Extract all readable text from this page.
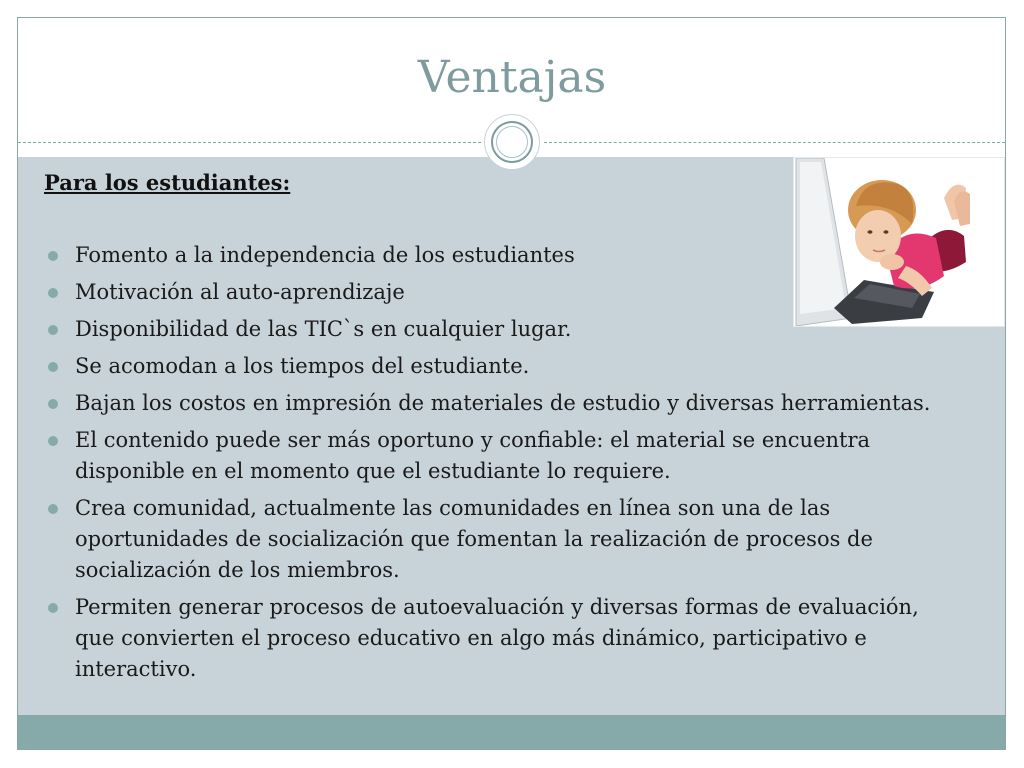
Ventajas
Para los estudiantes:
Fomento a la independencia de los estudiantes
Motivación al auto-aprendizaje
Disponibilidad de las TIC`s en cualquier lugar.
Se acomodan a los tiempos del estudiante.
Bajan los costos en impresión de materiales de estudio y diversas herramientas.
El contenido puede ser más oportuno y confiable: el material se encuentra disponible en el momento que el estudiante lo requiere.
Crea comunidad, actualmente las comunidades en línea son una de las oportunidades de socialización que fomentan la realización de procesos de socialización de los miembros.
Permiten generar procesos de autoevaluación y diversas formas de evaluación, que convierten el proceso educativo en algo más dinámico, participativo e interactivo.
